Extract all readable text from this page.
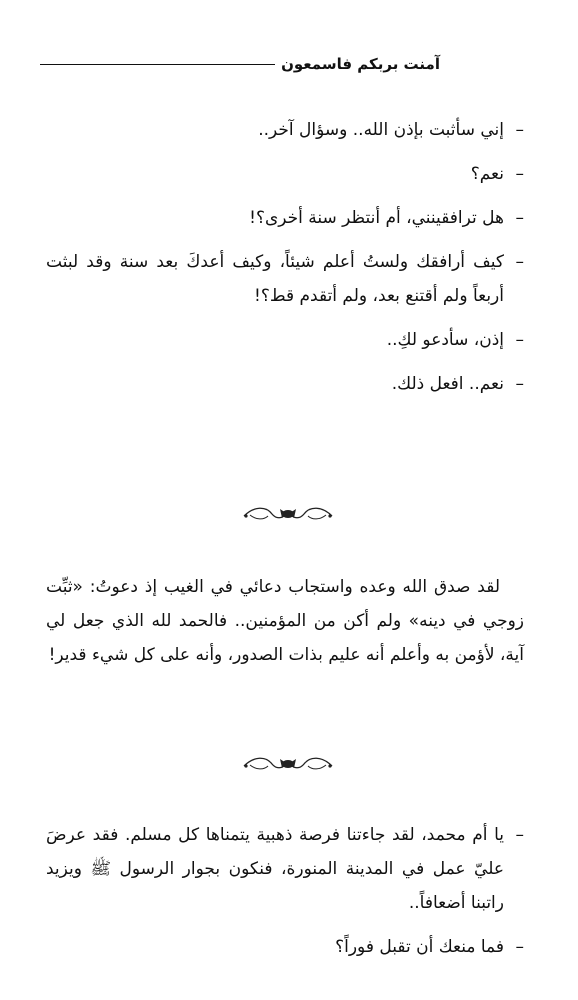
آمنت بربكم فاسمعون
–
إني سأثبت بإذن الله.. وسؤال آخر..
–
نعم؟
–
هل ترافقينني، أم أنتظر سنة أخرى؟!
–
كيف أرافقك ولستُ أعلم شيئاً، وكيف أعدكَ بعد سنة وقد لبثت أربعاً ولم أقتنع بعد، ولم أتقدم قط؟!
–
إذن، سأدعو لكِ..
–
نعم.. افعل ذلك.
لقد صدق الله وعده واستجاب دعائي في الغيب إذ دعوتُ: «ثبِّت زوجي في دينه» ولم أكن من المؤمنين.. فالحمد لله الذي جعل لي آية، لأؤمن به وأعلم أنه عليم بذات الصدور، وأنه على كل شيء قدير!
–
يا أم محمد، لقد جاءتنا فرصة ذهبية يتمناها كل مسلم. فقد عرضَ عليّ عمل في المدينة المنورة، فنكون بجوار الرسول ﷺ ويزيد راتبنا أضعافاً..
–
فما منعك أن تقبل فوراً؟
